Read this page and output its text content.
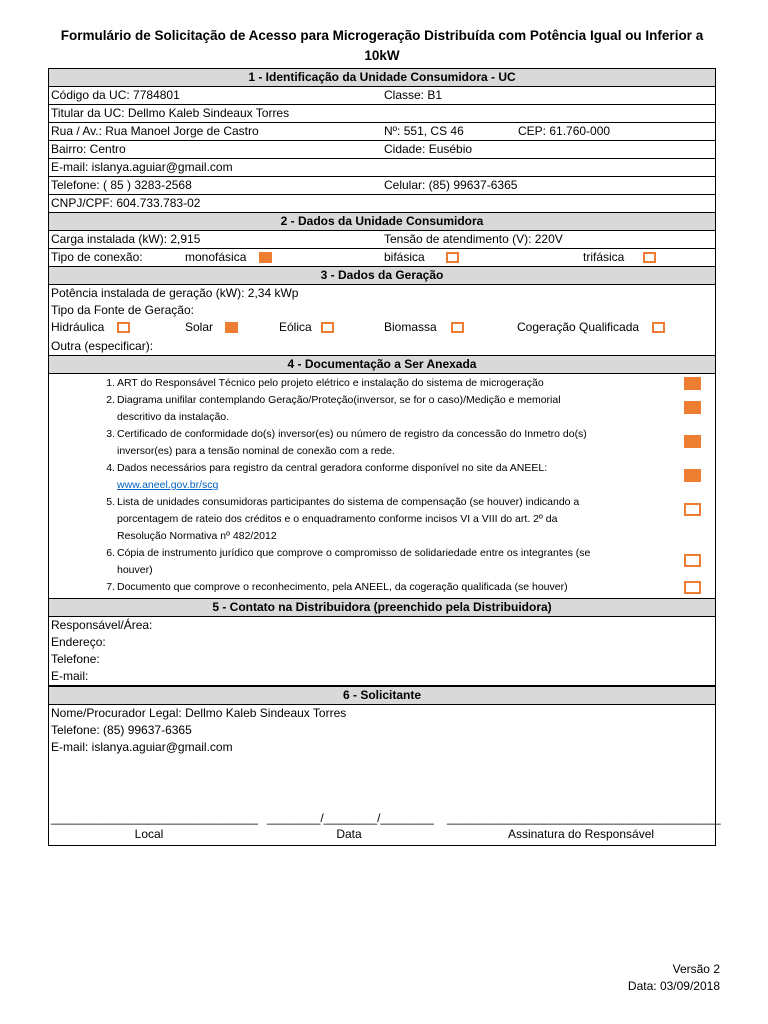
Formulário de Solicitação de Acesso para Microgeração Distribuída com Potência Igual ou Inferior a 10kW
1 - Identificação da Unidade Consumidora - UC
Código da UC: 7784801	Classe: B1
Titular da UC: Dellmo Kaleb Sindeaux Torres
Rua / Av.: Rua Manoel Jorge de Castro	Nº: 551, CS 46	CEP: 61.760-000
Bairro: Centro	Cidade: Eusébio
E-mail: islanya.aguiar@gmail.com
Telefone: ( 85 ) 3283-2568	Celular: (85) 99637-6365
CNPJ/CPF: 604.733.783-02
2 - Dados da Unidade Consumidora
Carga instalada (kW): 2,915	Tensão de atendimento (V): 220V
Tipo de conexão:	monofásica	bifásica	trifásica
3 - Dados da Geração
Potência instalada de geração (kW): 2,34 kWp
Tipo da Fonte de Geração:
Hidráulica	Solar	Eólica	Biomassa	Cogeração Qualificada
Outra (especificar):
4 - Documentação a Ser Anexada
1. ART do Responsável Técnico pelo projeto elétrico e instalação do sistema de microgeração
2. Diagrama unifilar contemplando Geração/Proteção(inversor, se for o caso)/Medição e memorial
descritivo da instalação.
3. Certificado de conformidade do(s) inversor(es) ou número de registro da concessão do Inmetro do(s)
inversor(es) para a tensão nominal de conexão com a rede.
4. Dados necessários para registro da central geradora conforme disponível no site da ANEEL:
www.aneel.gov.br/scg
5. Lista de unidades consumidoras participantes do sistema de compensação (se houver) indicando a
porcentagem de rateio dos créditos e o enquadramento conforme incisos VI a VIII do art. 2º da
Resolução Normativa nº 482/2012
6. Cópia de instrumento jurídico que comprove o compromisso de solidariedade entre os integrantes (se
houver)
7. Documento que comprove o reconhecimento, pela ANEEL, da cogeração qualificada (se houver)
5 - Contato na Distribuidora (preenchido pela Distribuidora)
Responsável/Área:
Endereço:
Telefone:
E-mail:
6 - Solicitante
Nome/Procurador Legal: Dellmo Kaleb Sindeaux Torres
Telefone: (85) 99637-6365
E-mail: islanya.aguiar@gmail.com
_______________________________ ________/________/________ _________________________________________
Local	Data	Assinatura do Responsável
Versão 2
Data: 03/09/2018
